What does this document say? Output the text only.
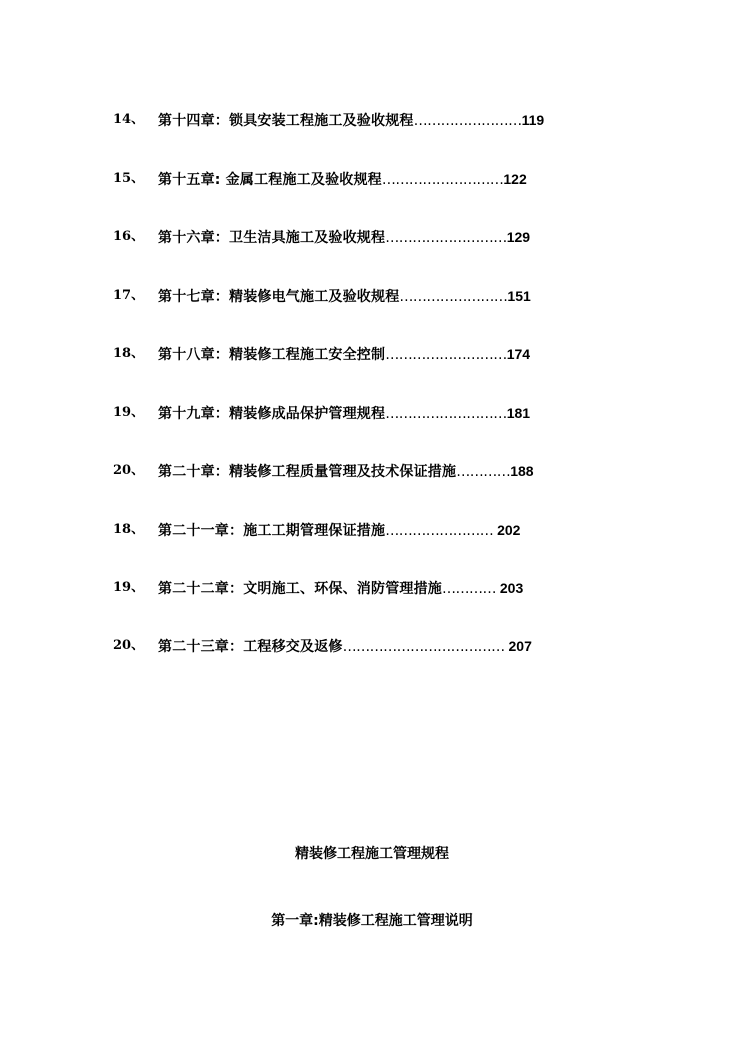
14、 第十四章：锁具安装工程施工及验收规程……………………119
15、 第十五章: 金属工程施工及验收规程………………………122
16、 第十六章：卫生洁具施工及验收规程………………………129
17、 第十七章：精装修电气施工及验收规程……………………151
18、 第十八章：精装修工程施工安全控制………………………174
19、 第十九章：精装修成品保护管理规程………………………181
20、 第二十章：精装修工程质量管理及技术保证措施…………188
18、 第二十一章：施工工期管理保证措施…………………… 202
19、 第二十二章：文明施工、环保、消防管理措施………… 203
20、 第二十三章：工程移交及返修……………………………… 207
精装修工程施工管理规程
第一章:精装修工程施工管理说明
